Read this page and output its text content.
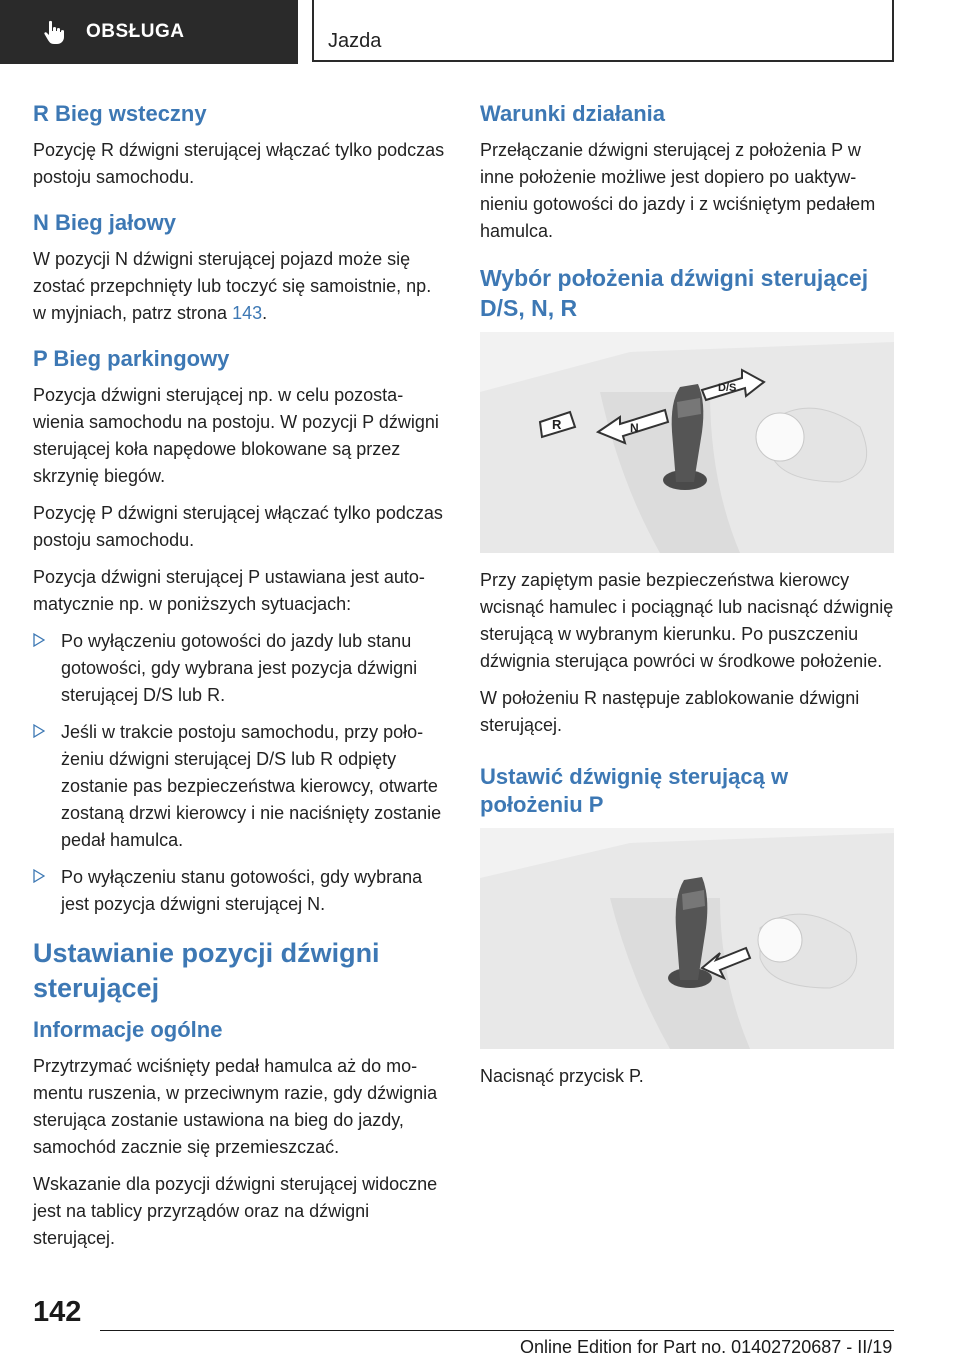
OBSŁUGA	Jazda
R Bieg wsteczny

Pozycję R dźwigni sterującej włączać tylko podczas postoju samochodu.

N Bieg jałowy

W pozycji N dźwigni sterującej pojazd może się zostać przepchnięty lub toczyć się samoistnie, np. w myjniach, patrz strona 143.

P Bieg parkingowy

Pozycja dźwigni sterującej np. w celu pozostawienia samochodu na postoju. W pozycji P dźwigni sterującej koła napędowe blokowane są przez skrzynię biegów.

Pozycję P dźwigni sterującej włączać tylko podczas postoju samochodu.

Pozycja dźwigni sterującej P ustawiana jest automatycznie np. w poniższych sytuacjach:

Po wyłączeniu gotowości do jazdy lub stanu gotowości, gdy wybrana jest pozycja dźwigni sterującej D/S lub R.
Jeśli w trakcie postoju samochodu, przy położeniu dźwigni sterującej D/S lub R odpięty zostanie pas bezpieczeństwa kierowcy, otwarte zostaną drzwi kierowcy i nie naciśnięty zostanie pedał hamulca.
Po wyłączeniu stanu gotowości, gdy wybrana jest pozycja dźwigni sterującej N.
Ustawianie pozycji dźwigni sterującej
Informacje ogólne

Przytrzymać wciśnięty pedał hamulca aż do momentu ruszenia, w przeciwnym razie, gdy dźwignia sterująca zostanie ustawiona na bieg do jazdy, samochód zacznie się przemieszczać.

Wskazanie dla pozycji dźwigni sterującej widoczne jest na tablicy przyrządów oraz na dźwigni sterującej.

Warunki działania

Przełączanie dźwigni sterującej z położenia P w inne położenie możliwe jest dopiero po uaktywnieniu gotowości do jazdy i z wciśniętym pedałem hamulca.

Wybór położenia dźwigni sterującej D/S, N, R
R	N
D/S

Przy zapiętym pasie bezpieczeństwa kierowcy wcisnąć hamulec i pociągnąć lub nacisnąć dźwignię sterującą w wybranym kierunku. Po puszczeniu dźwignia sterująca powróci w środkowe położenie.

W położeniu R następuje zablokowanie dźwigni sterującej.

Ustawić dźwignię sterującą w położeniu P

Nacisnąć przycisk P.

142
Online Edition for Part no. 01402720687 - II/19
